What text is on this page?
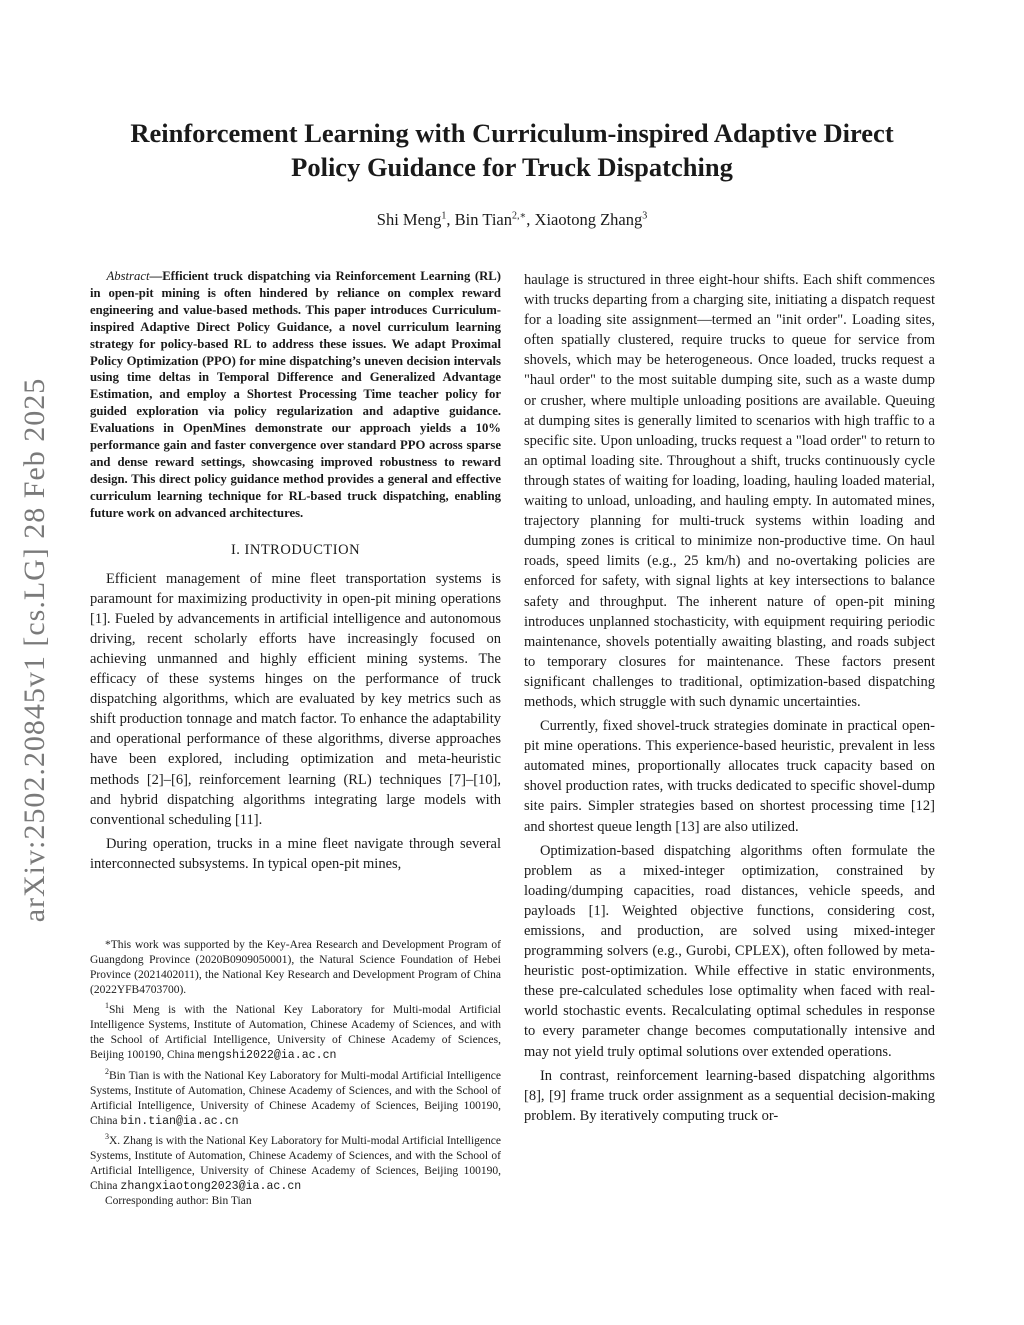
arXiv:2502.20845v1 [cs.LG] 28 Feb 2025
Reinforcement Learning with Curriculum-inspired Adaptive Direct Policy Guidance for Truck Dispatching
Shi Meng$^1$, Bin Tian$^{2,∗}$, Xiaotong Zhang$^3$

Abstract—Efficient truck dispatching via Reinforcement Learning (RL) in open-pit mining is often hindered by reliance on complex reward engineering and value-based methods. This paper introduces Curriculum-inspired Adaptive Direct Policy Guidance, a novel curriculum learning strategy for policy-based RL to address these issues. We adapt Proximal Policy Optimization (PPO) for mine dispatching’s uneven decision intervals using time deltas in Temporal Difference and Generalized Advantage Estimation, and employ a Shortest Processing Time teacher policy for guided exploration via policy regularization and adaptive guidance. Evaluations in OpenMines demonstrate our approach yields a 10% performance gain and faster convergence over standard PPO across sparse and dense reward settings, showcasing improved robustness to reward design. This direct policy guidance method provides a general and effective curriculum learning technique for RL-based truck dispatching, enabling future work on advanced architectures.

I. INTRODUCTION

Efficient management of mine fleet transportation systems is paramount for maximizing productivity in open-pit mining operations [1]. Fueled by advancements in artificial intelligence and autonomous driving, recent scholarly efforts have increasingly focused on achieving unmanned and highly efficient mining systems. The efficacy of these systems hinges on the performance of truck dispatching algorithms, which are evaluated by key metrics such as shift production tonnage and match factor. To enhance the adaptability and operational performance of these algorithms, diverse approaches have been explored, including optimization and meta-heuristic methods [2]–[6], reinforcement learning (RL) techniques [7]–[10], and hybrid dispatching algorithms integrating large models with conventional scheduling [11].

During operation, trucks in a mine fleet navigate through several interconnected subsystems. In typical open-pit mines,

*This work was supported by the Key-Area Research and Development Program of Guangdong Province (2020B0909050001), the Natural Science Foundation of Hebei Province (2021402011), the National Key Research and Development Program of China (2022YFB4703700).

$^1$Shi Meng is with the National Key Laboratory for Multi-modal Artificial Intelligence Systems, Institute of Automation, Chinese Academy of Sciences, and with the School of Artificial Intelligence, University of Chinese Academy of Sciences, Beijing 100190, China mengshi2022@ia.ac.cn

$^2$Bin Tian is with the National Key Laboratory for Multi-modal Artificial Intelligence Systems, Institute of Automation, Chinese Academy of Sciences, and with the School of Artificial Intelligence, University of Chinese Academy of Sciences, Beijing 100190, China bin.tian@ia.ac.cn

$^3$X. Zhang is with the National Key Laboratory for Multi-modal Artificial Intelligence Systems, Institute of Automation, Chinese Academy of Sciences, and with the School of Artificial Intelligence, University of Chinese Academy of Sciences, Beijing 100190, China zhangxiaotong2023@ia.ac.cn

Corresponding author: Bin Tian

haulage is structured in three eight-hour shifts. Each shift commences with trucks departing from a charging site, initiating a dispatch request for a loading site assignment—termed an "init order". Loading sites, often spatially clustered, require trucks to queue for service from shovels, which may be heterogeneous. Once loaded, trucks request a "haul order" to the most suitable dumping site, such as a waste dump or crusher, where multiple unloading positions are available. Queuing at dumping sites is generally limited to scenarios with high traffic to a specific site. Upon unloading, trucks request a "load order" to return to an optimal loading site. Throughout a shift, trucks continuously cycle through states of waiting for loading, loading, hauling loaded material, waiting to unload, unloading, and hauling empty. In automated mines, trajectory planning for multi-truck systems within loading and dumping zones is critical to minimize non-productive time. On haul roads, speed limits (e.g., 25 km/h) and no-overtaking policies are enforced for safety, with signal lights at key intersections to balance safety and throughput. The inherent nature of open-pit mining introduces unplanned stochasticity, with equipment requiring periodic maintenance, shovels potentially awaiting blasting, and roads subject to temporary closures for maintenance. These factors present significant challenges to traditional, optimization-based dispatching methods, which struggle with such dynamic uncertainties.

Currently, fixed shovel-truck strategies dominate in practical open-pit mine operations. This experience-based heuristic, prevalent in less automated mines, proportionally allocates truck capacity based on shovel production rates, with trucks dedicated to specific shovel-dump site pairs. Simpler strategies based on shortest processing time [12] and shortest queue length [13] are also utilized.

Optimization-based dispatching algorithms often formulate the problem as a mixed-integer optimization, constrained by loading/dumping capacities, road distances, vehicle speeds, and payloads [1]. Weighted objective functions, considering cost, emissions, and production, are solved using mixed-integer programming solvers (e.g., Gurobi, CPLEX), often followed by meta-heuristic post-optimization. While effective in static environments, these pre-calculated schedules lose optimality when faced with real-world stochastic events. Recalculating optimal schedules in response to every parameter change becomes computationally intensive and may not yield truly optimal solutions over extended operations.

In contrast, reinforcement learning-based dispatching algorithms [8], [9] frame truck order assignment as a sequential decision-making problem. By iteratively computing truck or-
